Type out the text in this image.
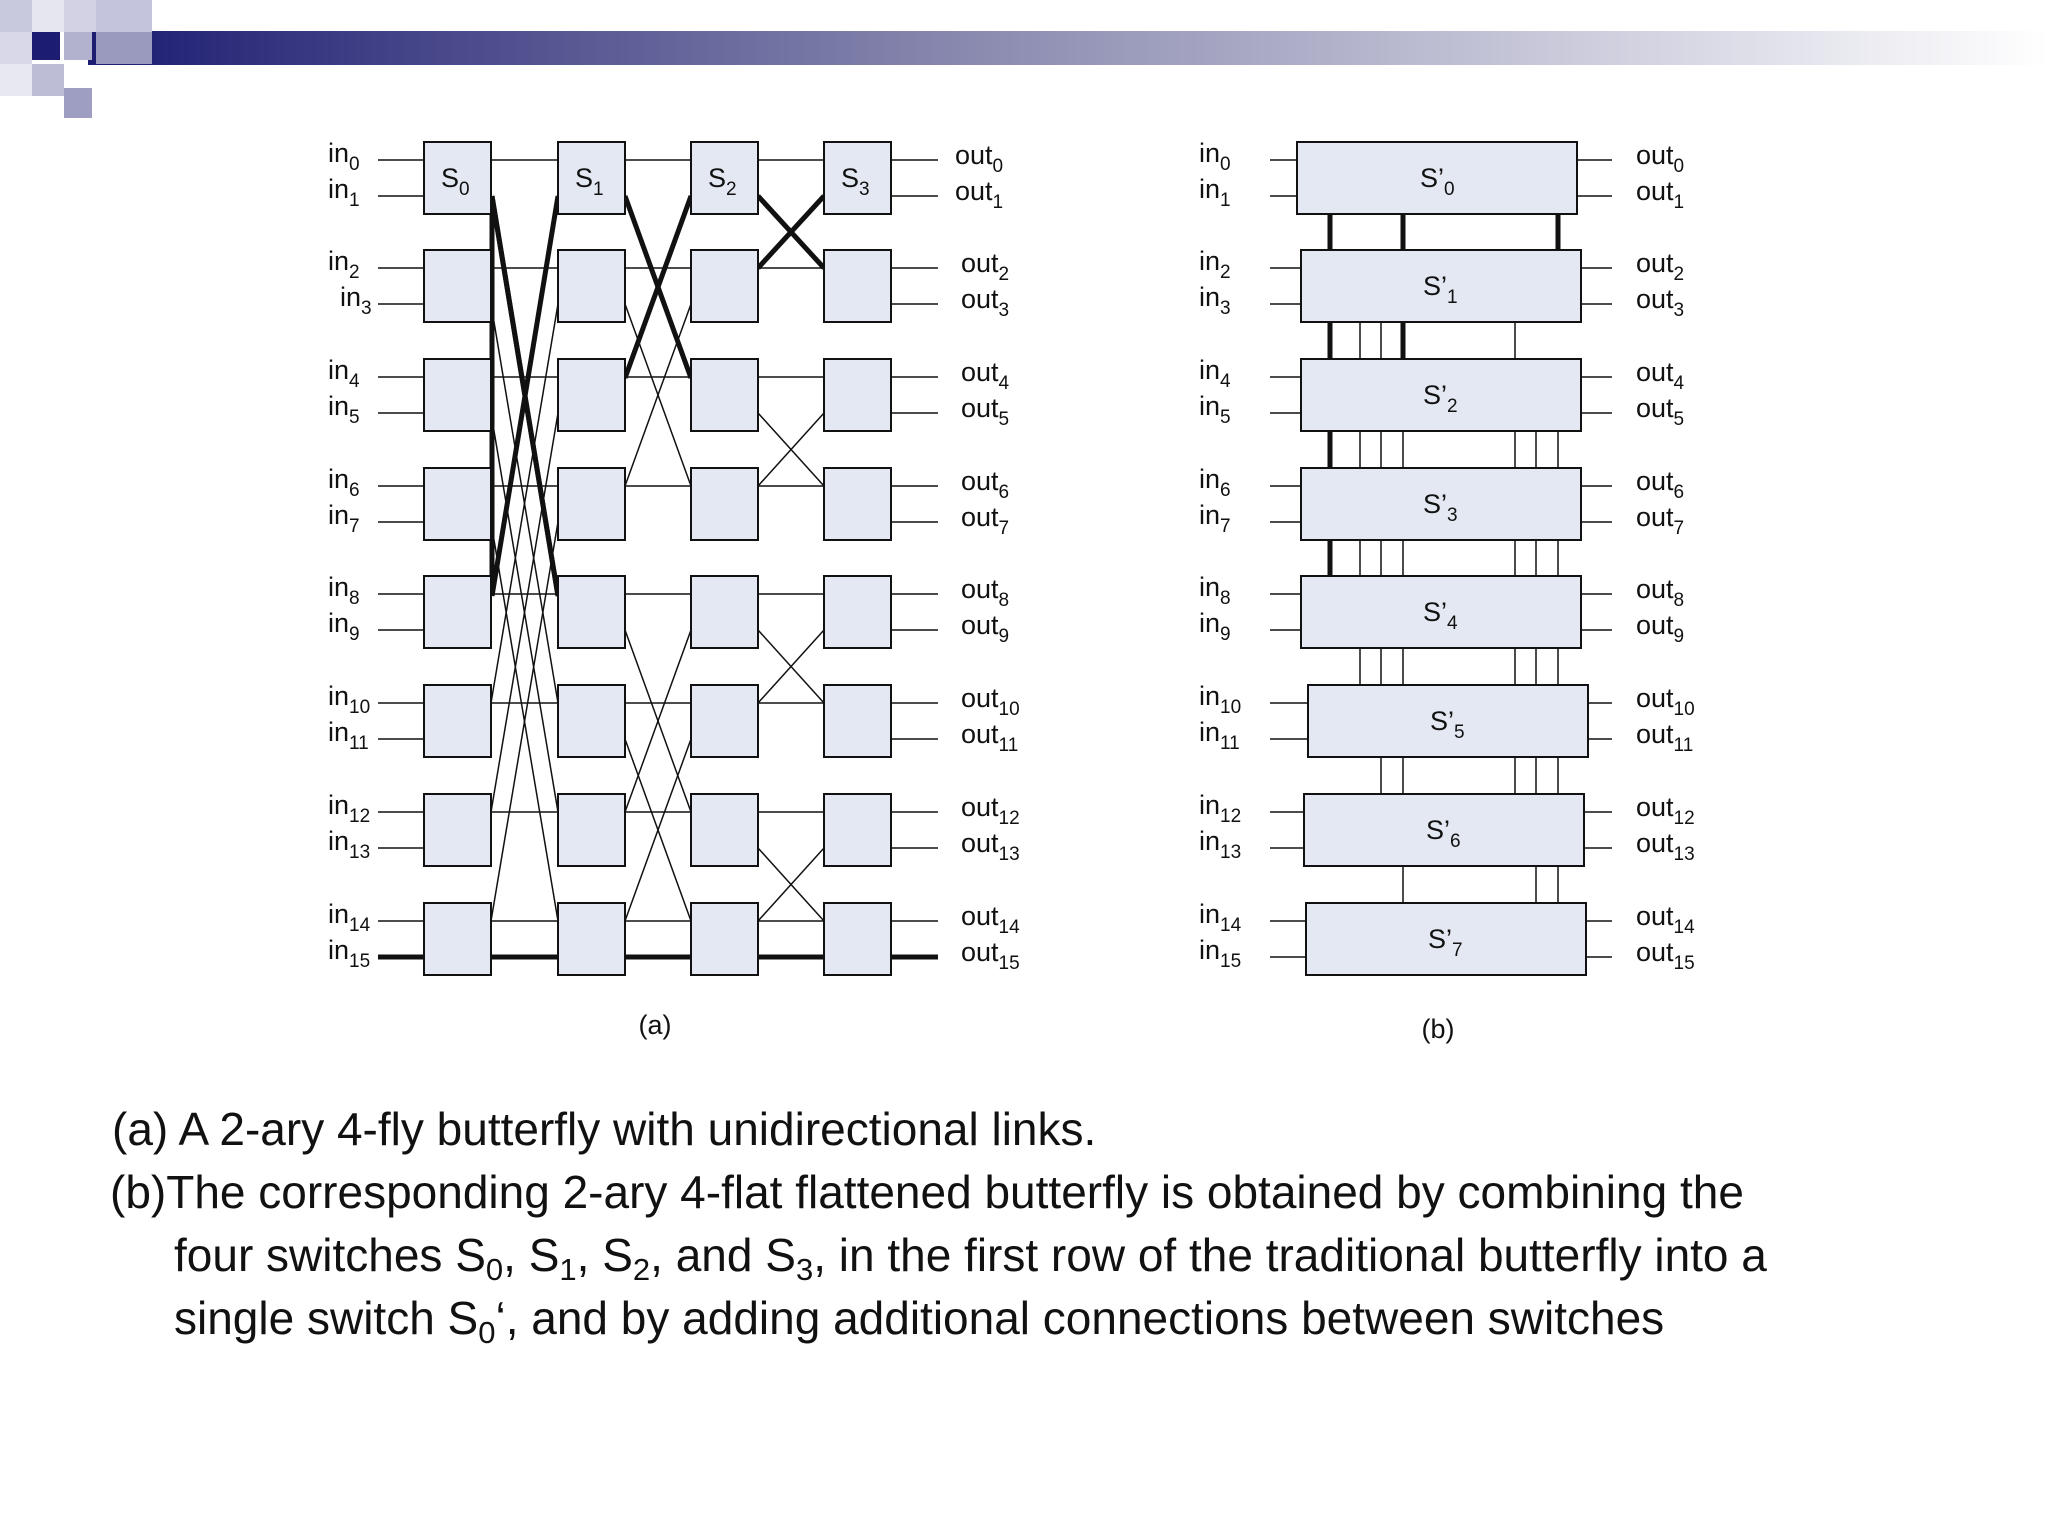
$S_0$	$S_1$	$S_2$	$S_3$
$in_0$	out$_0$
$in_1$	out$_1$
$in_2$	out$_2$
$in_3$	out$_3$
$in_4$	out$_4$
$in_5$	out$_5$
$in_6$	out$_6$
$in_7$	out$_7$
$in_8$	out$_8$
$in_9$	out$_9$
$in_{10}$	out$_{10}$
$in_{11}$	out$_{11}$
$in_{12}$	out$_{12}$
$in_{13}$	out$_{13}$
$in_{14}$	out$_{14}$
$in_{15}$	out$_{15}$
(a)
$S’_0$
$S’_1$
$S’_2$
$S’_3$
$S’_4$
$S’_5$
$S’_6$
$S’_7$
$in_0$	out$_0$
$in_1$	out$_1$
$in_2$	out$_2$
$in_3$	out$_3$
$in_4$	out$_4$
$in_5$	out$_5$
$in_6$	out$_6$
$in_7$	out$_7$
$in_8$	out$_8$
$in_9$	out$_9$
$in_{10}$	out$_{10}$
$in_{11}$	out$_{11}$
$in_{12}$	out$_{12}$
$in_{13}$	out$_{13}$
$in_{14}$	out$_{14}$
$in_{15}$	out$_{15}$
(b)
(a) A 2-ary 4-fly butterfly with unidirectional links.
(b)The corresponding 2-ary 4-flat flattened butterfly is obtained by combining the
four switches $S_0$, $S_1$, $S_2$, and $S_3$, in the first row of the traditional butterfly into a
single switch $S_0‘$, and by adding additional connections between switches
